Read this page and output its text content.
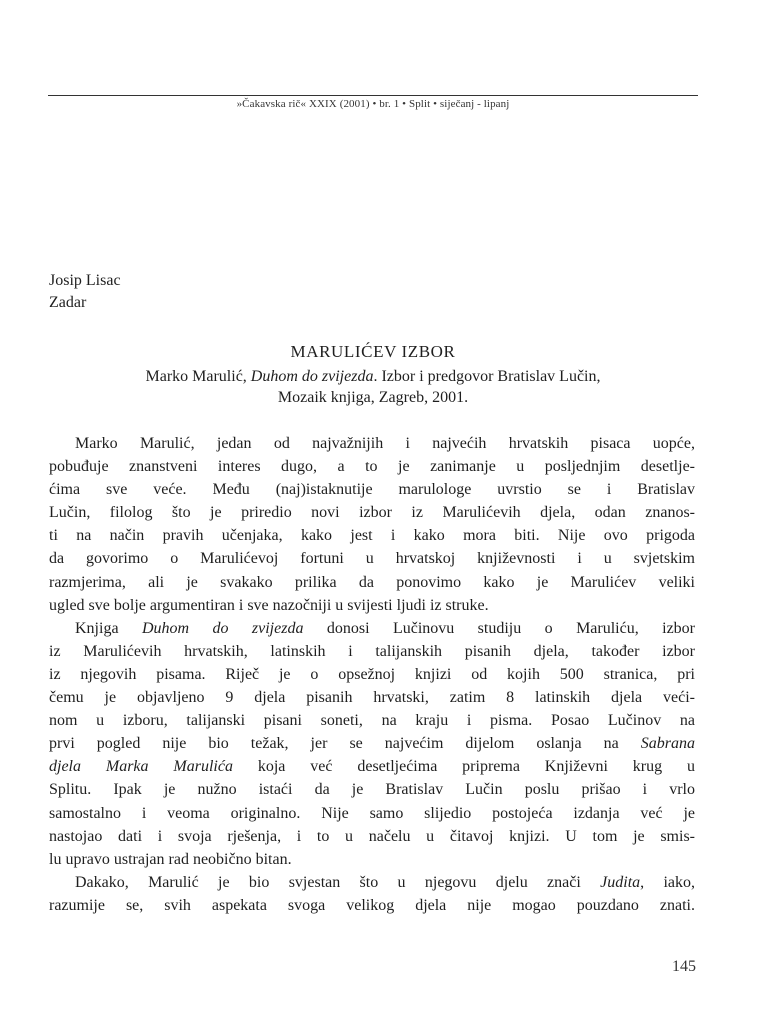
»Čakavska rič« XXIX (2001) • br. 1 • Split • siječanj - lipanj
Josip Lisac
Zadar
MARULIĆEV IZBOR
Marko Marulić, Duhom do zvijezda. Izbor i predgovor Bratislav Lučin,
Mozaik knjiga, Zagreb, 2001.
Marko Marulić, jedan od najvažnijih i najvećih hrvatskih pisaca uopće,
pobuđuje znanstveni interes dugo, a to je zanimanje u posljednjim desetlje-
ćima sve veće. Među (naj)istaknutije marulologe uvrstio se i Bratislav
Lučin, filolog što je priredio novi izbor iz Marulićevih djela, odan znanos-
ti na način pravih učenjaka, kako jest i kako mora biti. Nije ovo prigoda
da govorimo o Marulićevoj fortuni u hrvatskoj književnosti i u svjetskim
razmjerima, ali je svakako prilika da ponovimo kako je Marulićev veliki
ugled sve bolje argumentiran i sve nazočniji u svijesti ljudi iz struke.
Knjiga Duhom do zvijezda donosi Lučinovu studiju o Maruliću, izbor
iz Marulićevih hrvatskih, latinskih i talijanskih pisanih djela, također izbor
iz njegovih pisama. Riječ je o opsežnoj knjizi od kojih 500 stranica, pri
čemu je objavljeno 9 djela pisanih hrvatski, zatim 8 latinskih djela veći-
nom u izboru, talijanski pisani soneti, na kraju i pisma. Posao Lučinov na
prvi pogled nije bio težak, jer se najvećim dijelom oslanja na Sabrana
djela Marka Marulića koja već desetljećima priprema Književni krug u
Splitu. Ipak je nužno istaći da je Bratislav Lučin poslu prišao i vrlo
samostalno i veoma originalno. Nije samo slijedio postojeća izdanja već je
nastojao dati i svoja rješenja, i to u načelu u čitavoj knjizi. U tom je smis-
lu upravo ustrajan rad neobično bitan.
Dakako, Marulić je bio svjestan što u njegovu djelu znači Judita, iako,
razumije se, svih aspekata svoga velikog djela nije mogao pouzdano znati.
145
